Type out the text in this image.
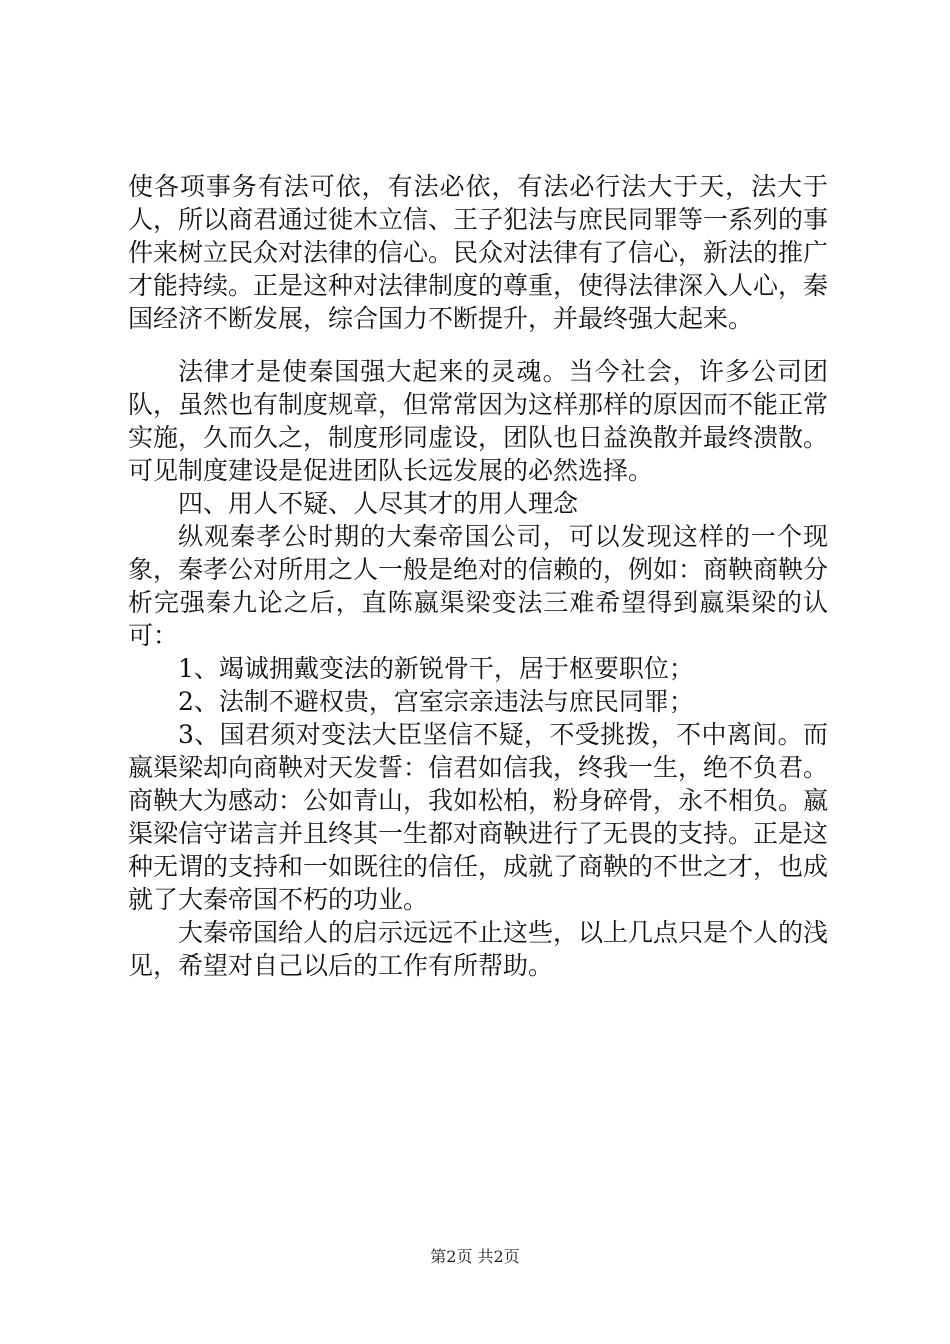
使各项事务有法可依，有法必依，有法必行法大于天，法大于人，所以商君通过徙木立信、王子犯法与庶民同罪等一系列的事件来树立民众对法律的信心。民众对法律有了信心，新法的推广才能持续。正是这种对法律制度的尊重，使得法律深入人心，秦国经济不断发展，综合国力不断提升，并最终强大起来。

法律才是使秦国强大起来的灵魂。当今社会，许多公司团队，虽然也有制度规章，但常常因为这样那样的原因而不能正常实施，久而久之，制度形同虚设，团队也日益涣散并最终溃散。可见制度建设是促进团队长远发展的必然选择。

四、用人不疑、人尽其才的用人理念

纵观秦孝公时期的大秦帝国公司，可以发现这样的一个现象，秦孝公对所用之人一般是绝对的信赖的，例如：商鞅商鞅分析完强秦九论之后，直陈嬴渠梁变法三难希望得到嬴渠梁的认可：

1、竭诚拥戴变法的新锐骨干，居于枢要职位；

2、法制不避权贵，宫室宗亲违法与庶民同罪；

3、国君须对变法大臣坚信不疑，不受挑拨，不中离间。而嬴渠梁却向商鞅对天发誓：信君如信我，终我一生，绝不负君。商鞅大为感动：公如青山，我如松柏，粉身碎骨，永不相负。嬴渠梁信守诺言并且终其一生都对商鞅进行了无畏的支持。正是这种无谓的支持和一如既往的信任，成就了商鞅的不世之才，也成就了大秦帝国不朽的功业。

大秦帝国给人的启示远远不止这些，以上几点只是个人的浅见，希望对自己以后的工作有所帮助。

第2页 共2页
